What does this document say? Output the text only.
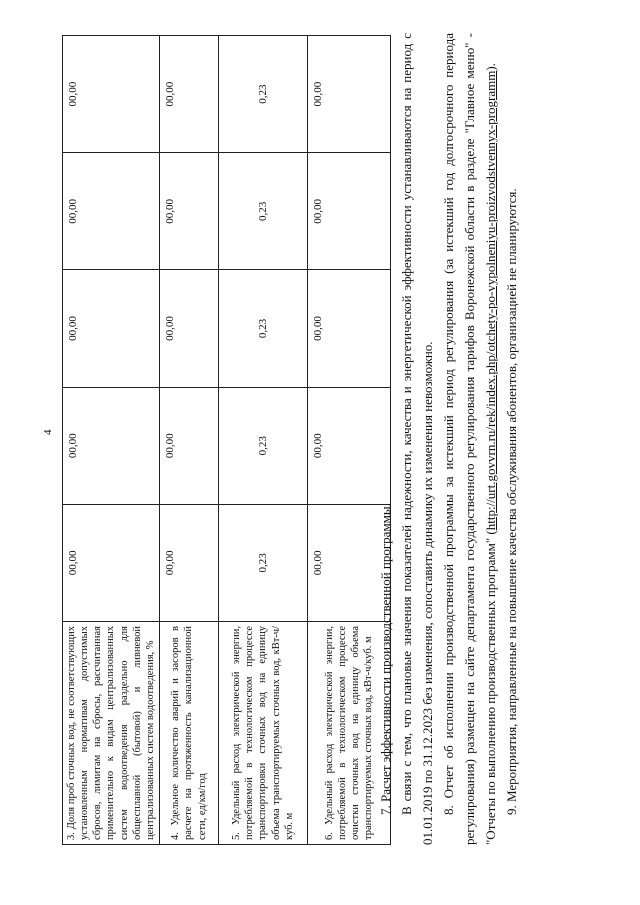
4
3. Доля проб сточных вод, не соответствующих установленным нормативам допустимых сбросов, лимитам на сбросы, рассчитанная применительно к видам централизованных систем водоотведения раздельно для общесплавной (бытовой) и ливневой централизованных систем водоотведения, %	00,00	00,00	00,00	00,00	00,00
4. Удельное количество аварий и засоров в расчете на протяженность канализационной сети, ед/км/год	00,00	00,00	00,00	00,00	00,00
5. Удельный расход электрической энергии, потребляемой в технологическом процессе транспортировки сточных вод на единицу объема транспортируемых сточных вод, кВт-ч/куб. м	0,23	0,23	0,23	0,23	0,23
6. Удельный расход электрической энергии, потребляемой в технологическом процессе очистки сточных вод на единицу объема транспортируемых сточных вод, кВт-ч/куб. м	00,00	00,00	00,00	00,00	00,00

7. Расчет эффективности производственной программы. В связи с тем, что плановые значения показателей надежности, качества и энергетической эффективности устанавливаются на период с 01.01.2019 по 31.12.2023 без изменения, сопоставить динамику их изменения невозможно. 8. Отчет об исполнении производственной программы за истекший период регулирования (за истекший год долгосрочного периода регулирования) размещен на сайте департамента государственного регулирования тарифов Воронежской области в разделе "Главное меню" - "Отчеты по выполнению производственных программ" (http://urt.govvrn.ru/rek/index.php/otchety-po-vypolneniyu-proizvodstvennyx-programm).

9. Мероприятия, направленные на повышение качества обслуживания абонентов, организацией не планируются.
